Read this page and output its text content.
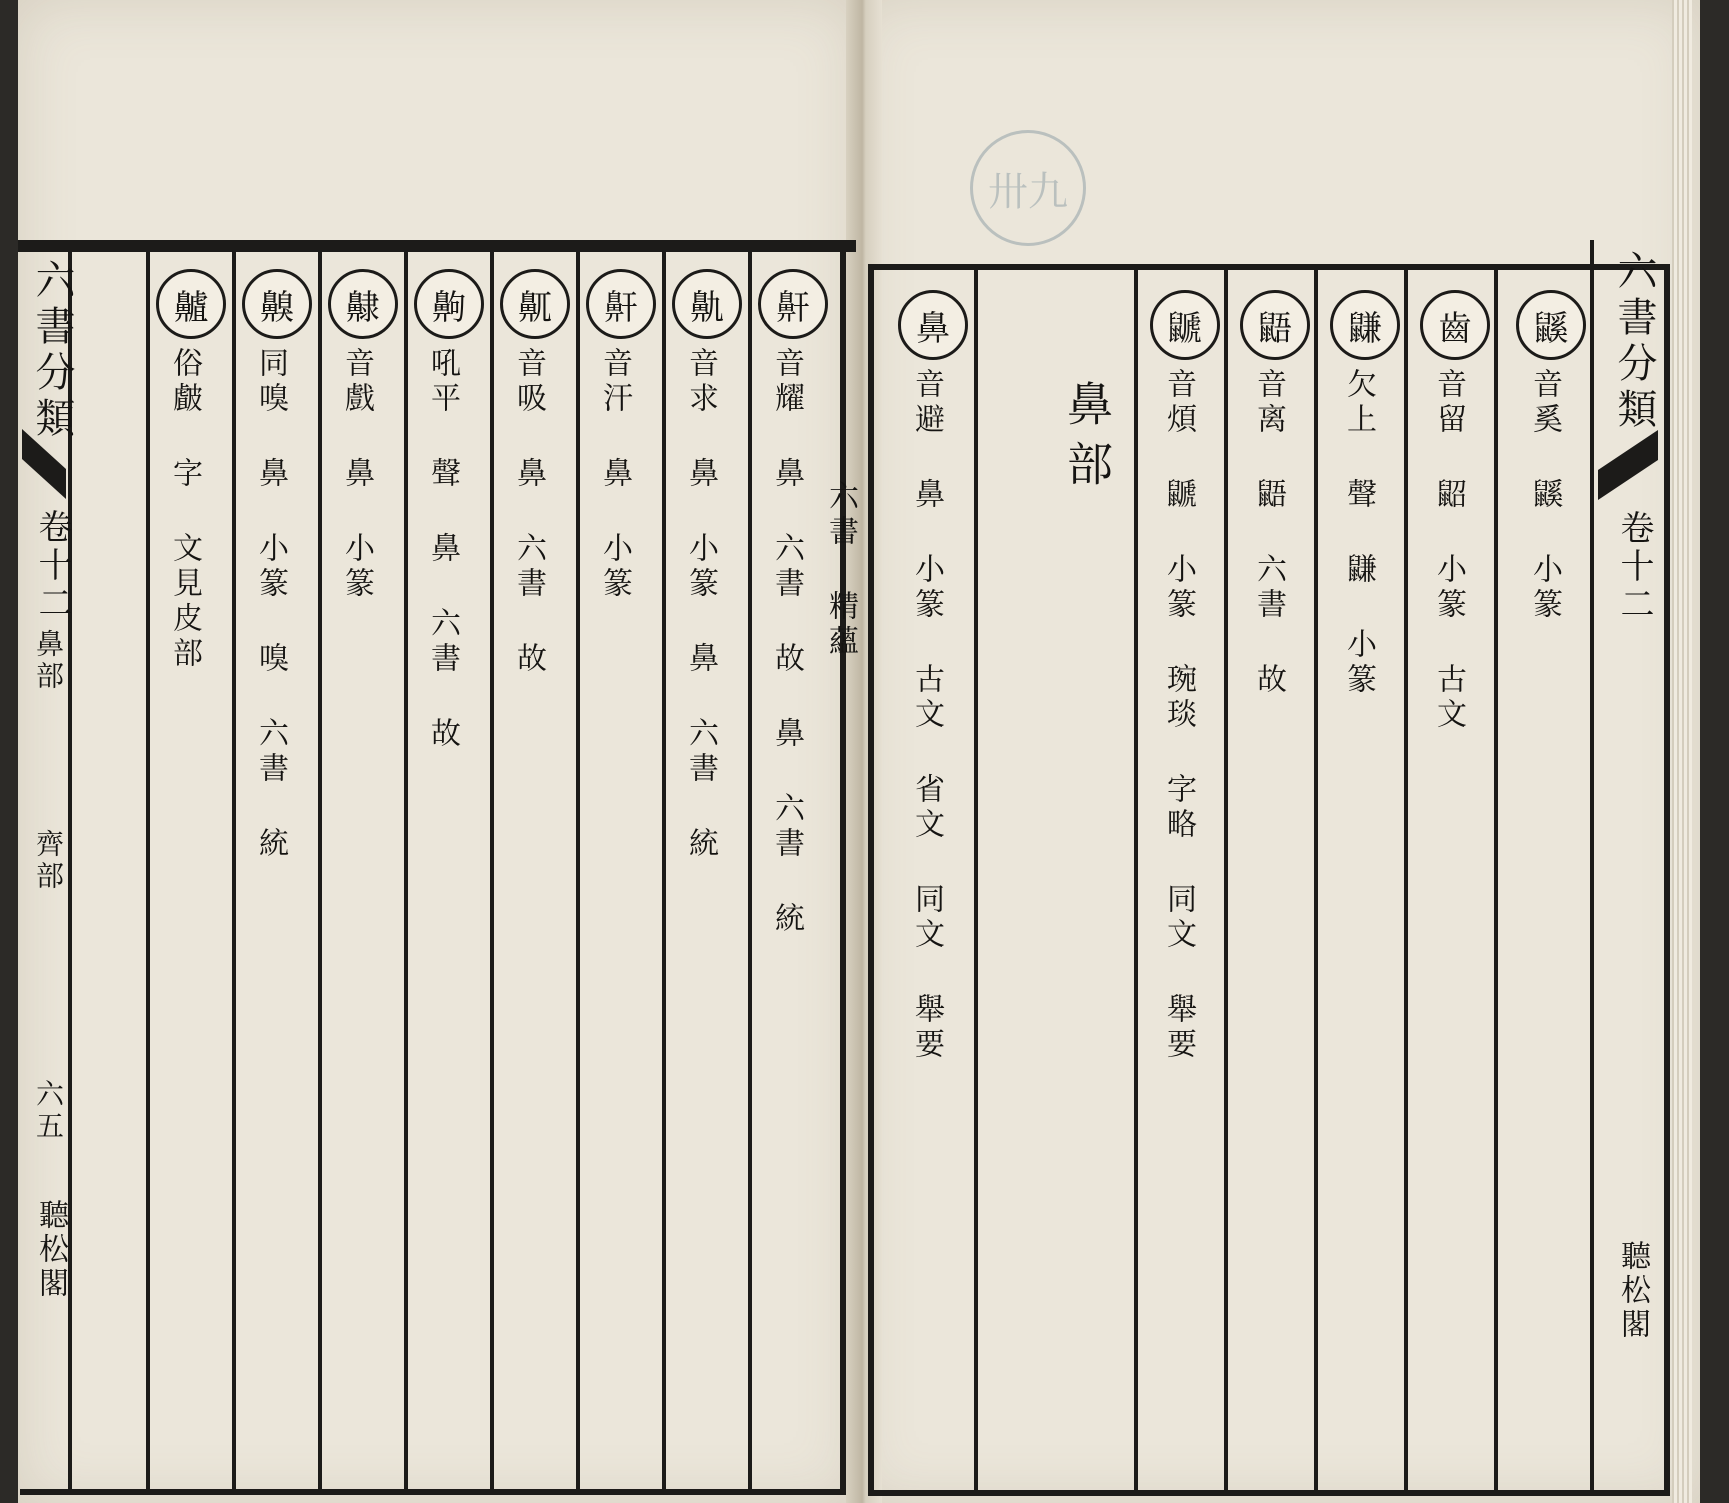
卅九
六書分類
卷十二
鼻部
齊部
六五
聽松閣
鼾
音耀 鼻 六書 故 鼻 六書 統
鼽
音求 鼻 小篆 鼻 六書 統
鼾
音汗 鼻 小篆
鼿
音吸 鼻 六書 故
齁
吼平 聲 鼻 六書 故
齂
音戲 鼻 小篆
齅
同嗅 鼻 小篆 嗅 六書 統
齇
俗皻 字 文見皮部
六書分類
卷十二
聽松閣
鼷
音奚 鼷 小篆
齒
音留 鼦 小篆 古文
鼸
欠上 聲 鼸 小篆
鼯
音离 鼯 六書 故
鼶
音煩 鼶 小篆 琬琰 字略 同文 舉要
鼻部
鼻
音避 鼻 小篆 古文 省文 同文 舉要
六書 精蘊
